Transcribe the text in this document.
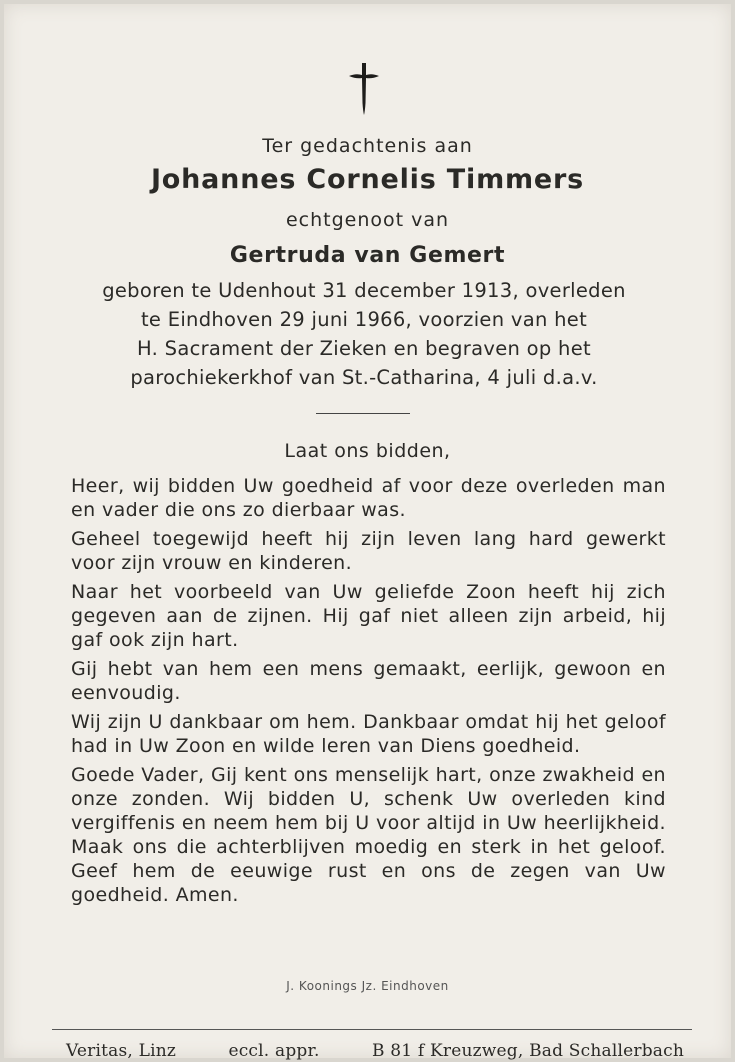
Ter gedachtenis aan
Johannes Cornelis Timmers
echtgenoot van
Gertruda van Gemert
geboren te Udenhout 31 december 1913, overleden
te Eindhoven 29 juni 1966, voorzien van het
H. Sacrament der Zieken en begraven op het
parochiekerkhof van St.-Catharina, 4 juli d.a.v.
Laat ons bidden,

Heer, wij bidden Uw goedheid af voor deze overleden man en vader die ons zo dierbaar was.

Geheel toegewijd heeft hij zijn leven lang hard gewerkt voor zijn vrouw en kinderen.

Naar het voorbeeld van Uw geliefde Zoon heeft hij zich gegeven aan de zijnen. Hij gaf niet alleen zijn arbeid, hij gaf ook zijn hart.

Gij hebt van hem een mens gemaakt, eerlijk, gewoon en eenvoudig.

Wij zijn U dankbaar om hem. Dankbaar omdat hij het geloof had in Uw Zoon en wilde leren van Diens goedheid.

Goede Vader, Gij kent ons menselijk hart, onze zwakheid en onze zonden. Wij bidden U, schenk Uw overleden kind vergiffenis en neem hem bij U voor altijd in Uw heerlijkheid. Maak ons die achterblijven moedig en sterk in het geloof. Geef hem de eeuwige rust en ons de zegen van Uw goedheid. Amen.

J. Koonings Jz. Eindhoven
Veritas, Linz	eccl. appr.	B 81 f Kreuzweg, Bad Schallerbach
